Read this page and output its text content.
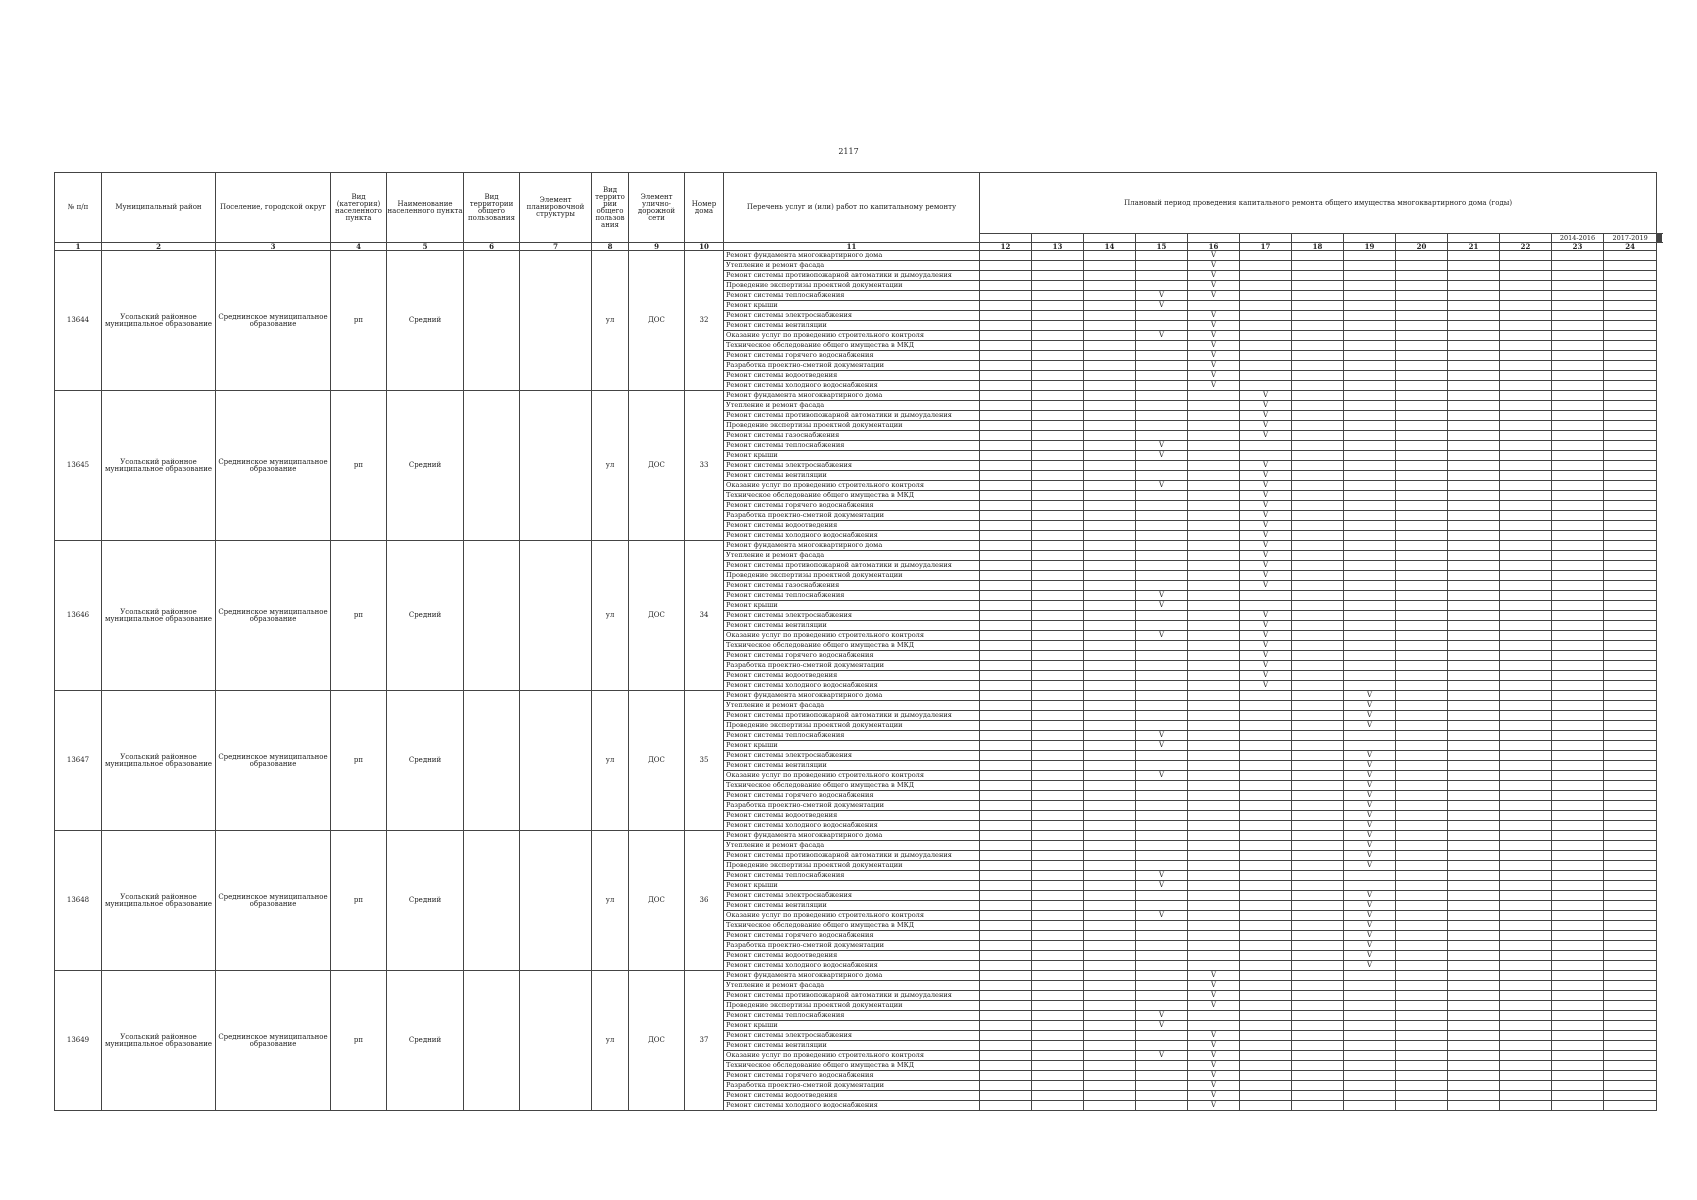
2117
№ п/п	Муниципальный район	Поселение, городской округ	Вид (категория) населенного пункта	Наименование населенного пункта	Вид территории общего пользования	Элемент планировочной структуры	Вид террито рии общего пользов ания	Элемент улично-дорожной сети	Номер дома	Перечень услуг и (или) работ по капитальному ремонту	Плановый период проведения капитального ремонта общего имущества многоквартирного дома (годы)															
																						2014-2016	2017-2019											
1	2	3	4	5	6	7	8	9	10	11	12	13	14	15	16	17	18	19	20	21	22	23	24			
13644	Усольский районное муниципальное образование	Среднинское муниципальное образование	рп	Средний			ул	ДОС	32	Ремонт фундамента многоквартирного дома					V											
										Утепление и ремонт фасада					V											
										Ремонт системы противопожарной автоматики и дымоудаления					V											
										Проведение экспертизы проектной документации					V											
										Ремонт системы теплоснабжения				V	V											
										Ремонт крыши				V												
										Ремонт системы электроснабжения					V											
										Ремонт системы вентиляции					V											
										Оказание услуг по проведению строительного контроля				V	V											
										Техническое обследование общего имущества в МКД					V											
										Ремонт системы горячего водоснабжения					V											
										Разработка проектно-сметной документации					V											
										Ремонт системы водоотведения					V											
										Ремонт системы холодного водоснабжения					V											
13645	Усольский районное муниципальное образование	Среднинское муниципальное образование	рп	Средний			ул	ДОС	33	Ремонт фундамента многоквартирного дома						V										
										Утепление и ремонт фасада						V										
										Ремонт системы противопожарной автоматики и дымоудаления						V										
										Проведение экспертизы проектной документации						V										
										Ремонт системы газоснабжения						V										
										Ремонт системы теплоснабжения				V												
										Ремонт крыши				V												
										Ремонт системы электроснабжения						V										
										Ремонт системы вентиляции						V										
										Оказание услуг по проведению строительного контроля				V		V										
										Техническое обследование общего имущества в МКД						V										
										Ремонт системы горячего водоснабжения						V										
										Разработка проектно-сметной документации						V										
										Ремонт системы водоотведения						V										
										Ремонт системы холодного водоснабжения						V										
13646	Усольский районное муниципальное образование	Среднинское муниципальное образование	рп	Средний			ул	ДОС	34	Ремонт фундамента многоквартирного дома						V										
										Утепление и ремонт фасада						V										
										Ремонт системы противопожарной автоматики и дымоудаления						V										
										Проведение экспертизы проектной документации						V										
										Ремонт системы газоснабжения						V										
										Ремонт системы теплоснабжения				V												
										Ремонт крыши				V												
										Ремонт системы электроснабжения						V										
										Ремонт системы вентиляции						V										
										Оказание услуг по проведению строительного контроля				V		V										
										Техническое обследование общего имущества в МКД						V										
										Ремонт системы горячего водоснабжения						V										
										Разработка проектно-сметной документации						V										
										Ремонт системы водоотведения						V										
										Ремонт системы холодного водоснабжения						V										
13647	Усольский районное муниципальное образование	Среднинское муниципальное образование	рп	Средний			ул	ДОС	35	Ремонт фундамента многоквартирного дома								V								
										Утепление и ремонт фасада								V								
										Ремонт системы противопожарной автоматики и дымоудаления								V								
										Проведение экспертизы проектной документации								V								
										Ремонт системы теплоснабжения				V												
										Ремонт крыши				V												
										Ремонт системы электроснабжения								V								
										Ремонт системы вентиляции								V								
										Оказание услуг по проведению строительного контроля				V				V								
										Техническое обследование общего имущества в МКД								V								
										Ремонт системы горячего водоснабжения								V								
										Разработка проектно-сметной документации								V								
										Ремонт системы водоотведения								V								
										Ремонт системы холодного водоснабжения								V								
13648	Усольский районное муниципальное образование	Среднинское муниципальное образование	рп	Средний			ул	ДОС	36	Ремонт фундамента многоквартирного дома								V								
										Утепление и ремонт фасада								V								
										Ремонт системы противопожарной автоматики и дымоудаления								V								
										Проведение экспертизы проектной документации								V								
										Ремонт системы теплоснабжения				V												
										Ремонт крыши				V												
										Ремонт системы электроснабжения								V								
										Ремонт системы вентиляции								V								
										Оказание услуг по проведению строительного контроля				V				V								
										Техническое обследование общего имущества в МКД								V								
										Ремонт системы горячего водоснабжения								V								
										Разработка проектно-сметной документации								V								
										Ремонт системы водоотведения								V								
										Ремонт системы холодного водоснабжения								V								
13649	Усольский районное муниципальное образование	Среднинское муниципальное образование	рп	Средний			ул	ДОС	37	Ремонт фундамента многоквартирного дома					V											
										Утепление и ремонт фасада					V											
										Ремонт системы противопожарной автоматики и дымоудаления					V											
										Проведение экспертизы проектной документации					V											
										Ремонт системы теплоснабжения				V												
										Ремонт крыши				V												
										Ремонт системы электроснабжения					V											
										Ремонт системы вентиляции					V											
										Оказание услуг по проведению строительного контроля				V	V											
										Техническое обследование общего имущества в МКД					V											
										Ремонт системы горячего водоснабжения					V											
										Разработка проектно-сметной документации					V											
										Ремонт системы водоотведения					V											
										Ремонт системы холодного водоснабжения					V											
